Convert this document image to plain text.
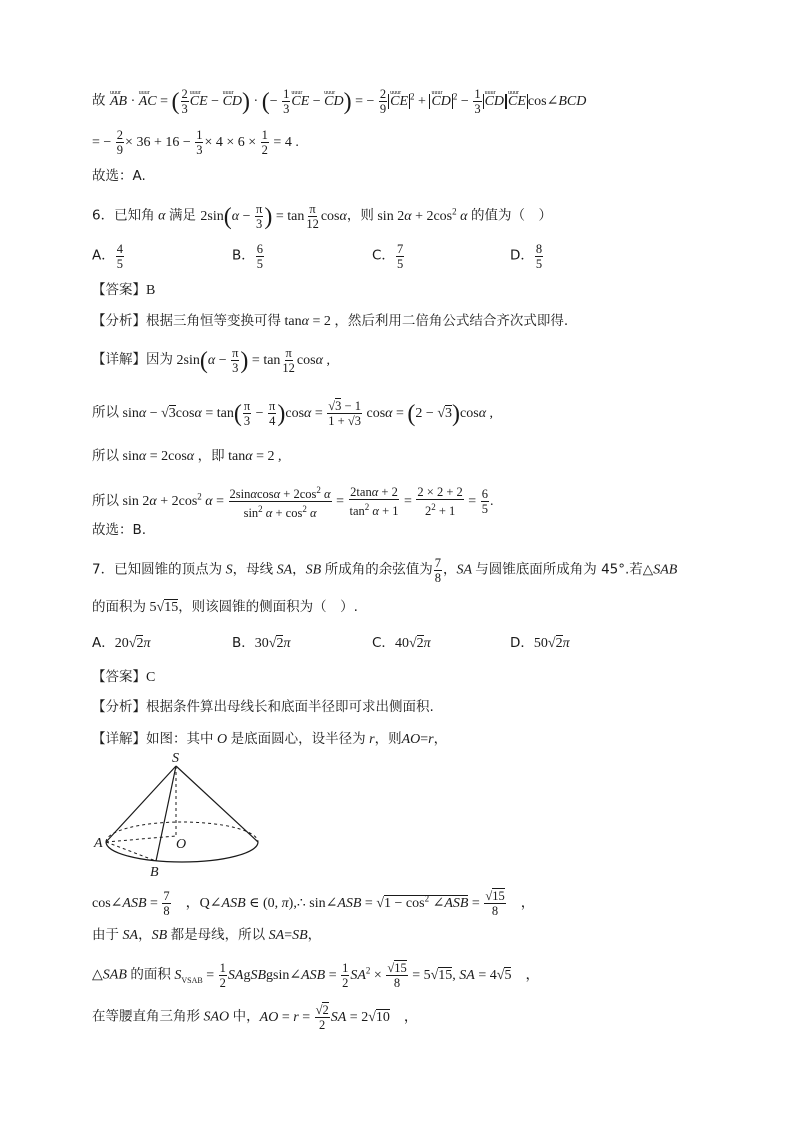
故 uuur AB · uuur AC = ( $\frac{2}{3}$ uuur CE − uuur CD) · (− $\frac{1}{3}$ uuur CE − uuur CD) = − $\frac{2}{9}$ uuur CE $^2$ + uuur CD $^2 - \frac{1}{3}$ uuur CD uuur CE cos∠BCD
= − $\frac{2}{9} \times 36 + 16 - \frac{1}{3} \times 4 \times 6 \times \frac{1}{2} = 4$ .
故选：A.
6．已知角 α 满足 $2\sin(\alpha - \frac{\pi}{3}$ ) = $\tan \frac{\pi}{12}$ cosα，则 $\sin 2\alpha + 2\cos^2$ α 的值为（　）
A． $\frac{4}{5}$	B． $\frac{6}{5}$	C． $\frac{7}{5}$	D． $\frac{8}{5}$
【答案】B
【分析】根据三角恒等变换可得 tanα = 2 ，然后利用二倍角公式结合齐次式即得.
【详解】因为 $2\sin(\alpha - \frac{\pi}{3}$ ) = $\tan \frac{\pi}{12}$ cosα ,
所以 $\sin\alpha - √3\cos\alpha = \tan( \frac{\pi}{3} - \frac{\pi}{4} )\cos\alpha = \frac{√3 - 1}{1 + √3}$ cosα = (2 − √3)cosα ,
所以 sinα = 2cosα ，即 tanα = 2 ,
所以 $\sin 2\alpha + 2\cos^2$ $\alpha = \frac{2\sin\alpha\cos\alpha + 2\cos^2 \alpha}{\sin^2 \alpha + \cos^2 \alpha} = \frac{2\tan\alpha + 2}{\tan^2 \alpha + 1} = \frac{2 \times 2 + 2}{2^2 + 1} = \frac{6}{5}$ .
故选：B.
7．已知圆锥的顶点为 S，母线 SA，SB 所成角的余弦值为 $\frac{7}{8}$ ，SA 与圆锥底面所成角为 45°.若△SAB
的面积为 5√15，则该圆锥的侧面积为（　）.
A．20√2π	B．30√2π	C．40√2π	D．50√2π
【答案】C
【分析】根据条件算出母线长和底面半径即可求出侧面积.
【详解】如图：其中 O 是底面圆心，设半径为 r，则AO=r，
S
A	O
B
cos∠ASB = $\frac{7}{8}$ 　，Q∠ASB ∈ (0, π),∴ sin∠ASB = $√1 - \cos^2$ ∠ASB = $\frac{√15}{8}$ 　，
由于 SA，SB 都是母线，所以 SA=SB，
△SAB 的面积 $S_{VSAB} = \frac{1}{2}$ SAgSBgsin∠ASB = $\frac{1}{2} SA^2 \times \frac{√15}{8} = 5√15$, SA = 4√5　，
在等腰直角三角形 SAO 中，AO = $r = \frac{√2}{2}$ SA = 2√10　，
